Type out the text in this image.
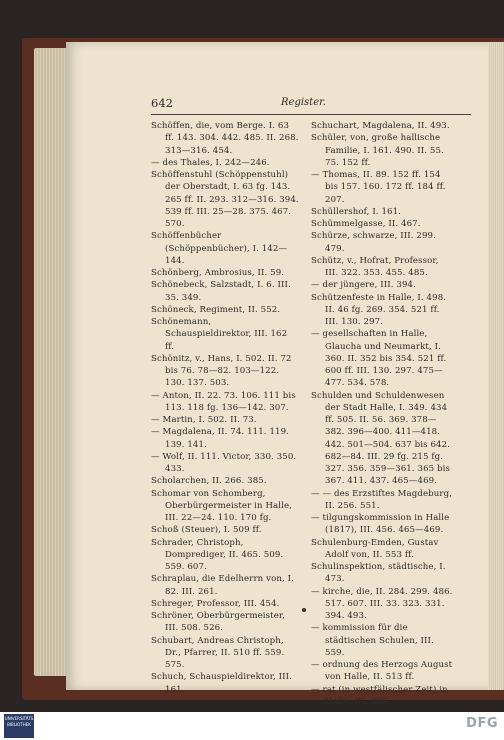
642	Register.

Schöffen, die, vom Berge. I. 63 ff. 143. 304. 442. 485. II. 268. 313—316. 454.

— des Thales, I. 242—246.

Schöffenstuhl (Schöppenstuhl) der Oberstadt, I. 63 fg. 143. 265 ff. II. 293. 312—316. 394. 539 ff. III. 25—28. 375. 467. 570.

Schöffenbücher (Schöppenbücher), I. 142—144.

Schönberg, Ambrosius, II. 59.

Schönebeck, Salzstadt, I. 6. III. 35. 349.

Schöneck, Regiment, II. 552.

Schönemann, Schauspieldirektor, III. 162 ff.

Schönitz, v., Hans, I. 502. II. 72 bis 76. 78—82. 103—122. 130. 137. 503.

— Anton, II. 22. 73. 106. 111 bis 113. 118 fg. 136—142. 307.

— Martin, I. 502. II. 73.

— Magdalena, II. 74. 111. 119. 139. 141.

— Wolf, II. 111. Victor, 330. 350. 433.

Scholarchen, II. 266. 385.

Schomar von Schomberg, Oberbürgermeister in Halle, III. 22—24. 110. 170 fg.

Schoß (Steuer), I. 509 ff.

Schrader, Christoph, Domprediger, II. 465. 509. 559. 607.

Schraplau, die Edelherrn von, I. 82. III. 261.

Schreger, Professor, III. 454.

Schröner, Oberbürgermeister, III. 508. 526.

Schubart, Andreas Christoph, Dr., Pfarrer, II. 510 ff. 559. 575.

Schuch, Schauspieldirektor, III. 161.

Schuchart, Magdalena, II. 493.

Schüler, von, große hallische Familie, I. 161. 490. II. 55. 75. 152 ff.

— Thomas, II. 89. 152 ff. 154 bis 157. 160. 172 ff. 184 ff. 207.

Schüllershof, I. 161.

Schümmelgasse, II. 467.

Schürze, schwarze, III. 299. 479.

Schütz, v., Hofrat, Professor, III. 322. 353. 455. 485.

— der jüngere, III. 394.

Schützenfeste in Halle, I. 498. II. 46 fg. 269. 354. 521 ff. III. 130. 297.

— gesellschaften in Halle, Glaucha und Neumarkt, I. 360. II. 352 bis 354. 521 ff. 600 ff. III. 130. 297. 475—477. 534. 578.

Schulden und Schuldenwesen der Stadt Halle, I. 349. 434 ff. 505. II. 56. 369. 378—382. 396—400. 411—418. 442. 501—504. 637 bis 642. 682—84. III. 29 fg. 215 fg. 327. 356. 359—361. 365 bis 367. 411. 437. 465—469.

— — des Erzstiftes Magdeburg, II. 256. 551.

— tilgungskommission in Halle (1817), III. 456. 465—469.

Schulenburg-Emden, Gustav Adolf von, II. 553 ff.

Schulinspektion, städtische, I. 473.

— kirche, die, II. 284. 299. 486. 517. 607. III. 33. 323. 331. 394. 493.

— kommission für die städtischen Schulen, III. 559.

— ordnung des Herzogs August von Halle, II. 513 ff.

— rat (in westfälischer Zeit) in Halle, III. 386.

UNIVERSITÄTS BIBLIOTHEK	DFG
